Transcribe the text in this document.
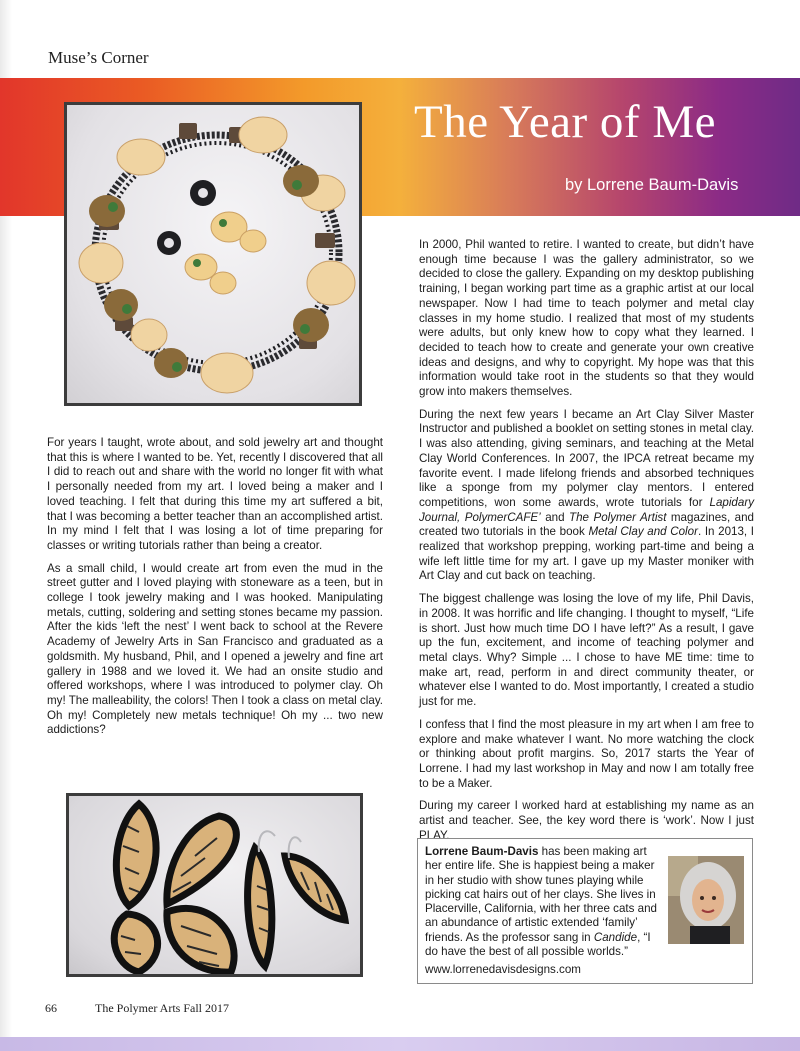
Muse’s Corner
The Year of Me

by Lorrene Baum-Davis

For years I taught, wrote about, and sold jewelry art and thought that this is where I wanted to be. Yet, recently I discovered that all I did to reach out and share with the world no longer fit with what I personally needed from my art. I loved being a maker and I loved teaching. I felt that during this time my art suffered a bit, that I was becoming a better teacher than an accomplished artist. In my mind I felt that I was losing a lot of time preparing for classes or writing tutorials rather than being a creator.

As a small child, I would create art from even the mud in the street gutter and I loved playing with stoneware as a teen, but in college I took jewelry making and I was hooked. Manipulating metals, cutting, soldering and setting stones became my passion. After the kids ‘left the nest’ I went back to school at the Revere Academy of Jewelry Arts in San Francisco and graduated as a goldsmith. My husband, Phil, and I opened a jewelry and fine art gallery in 1988 and we loved it. We had an onsite studio and offered workshops, where I was introduced to polymer clay. Oh my! The malleability, the colors! Then I took a class on metal clay. Oh my! Completely new metals technique! Oh my ... two new addictions?

In 2000, Phil wanted to retire. I wanted to create, but didn’t have enough time because I was the gallery administrator, so we decided to close the gallery. Expanding on my desktop publishing training, I began working part time as a graphic artist at our local newspaper. Now I had time to teach polymer and metal clay classes in my home studio. I realized that most of my students were adults, but only knew how to copy what they learned. I decided to teach how to create and generate your own creative ideas and designs, and why to copyright. My hope was that this information would take root in the students so that they would grow into makers themselves.

During the next few years I became an Art Clay Silver Master Instructor and published a booklet on setting stones in metal clay. I was also attending, giving seminars, and teaching at the Metal Clay World Conferences. In 2007, the IPCA retreat became my favorite event. I made lifelong friends and absorbed techniques like a sponge from my polymer clay mentors. I entered competitions, won some awards, wrote tutorials for Lapidary Journal, PolymerCAFE’ and The Polymer Artist magazines, and created two tutorials in the book Metal Clay and Color. In 2013, I realized that workshop prepping, working part-time and being a wife left little time for my art. I gave up my Master moniker with Art Clay and cut back on teaching.

The biggest challenge was losing the love of my life, Phil Davis, in 2008. It was horrific and life changing. I thought to myself, “Life is short. Just how much time DO I have left?” As a result, I gave up the fun, excitement, and income of teaching polymer and metal clays. Why? Simple ... I chose to have ME time: time to make art, read, perform in and direct community theater, or whatever else I wanted to do. Most importantly, I created a studio just for me.

I confess that I find the most pleasure in my art when I am free to explore and make whatever I want. No more watching the clock or thinking about profit margins. So, 2017 starts the Year of Lorrene. I had my last workshop in May and now I am totally free to be a Maker.

During my career I worked hard at establishing my name as an artist and teacher. See, the key word there is ‘work’. Now I just PLAY.

Lorrene Baum-Davis has been making art her entire life. She is happiest being a maker in her studio with show tunes playing while picking cat hairs out of her clays. She lives in Placerville, California, with her three cats and an abundance of artistic extended ‘family’ friends. As the professor sang in Candide, “I do have the best of all possible worlds.”

www.lorrenedavisdesigns.com

66	The Polymer Arts Fall 2017
